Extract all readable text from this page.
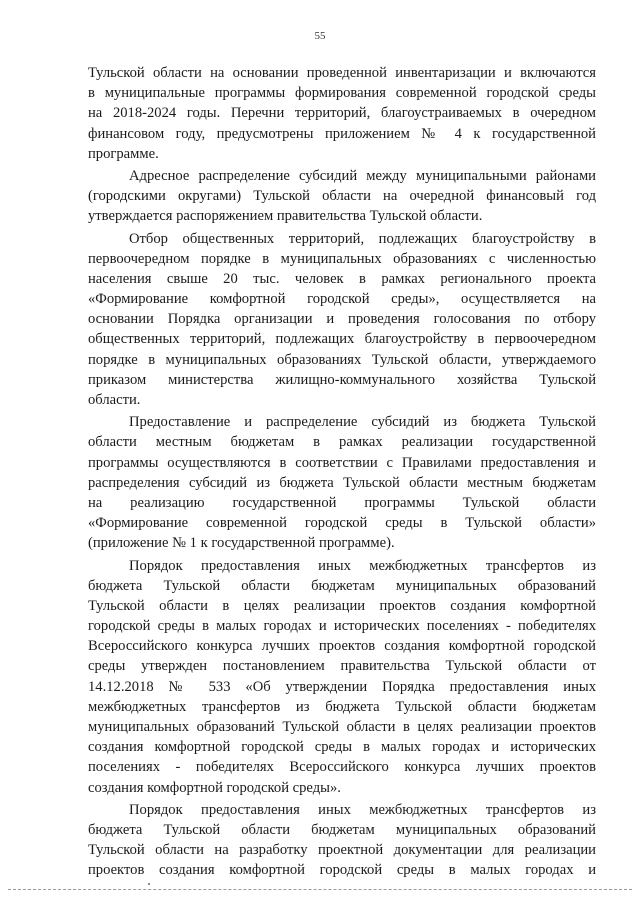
55
Тульской области на основании проведенной инвентаризации и включаются
в муниципальные программы формирования современной городской среды
на 2018-2024 годы. Перечни территорий, благоустраиваемых в очередном
финансовом году, предусмотрены приложением № 4 к государственной
программе.
Адресное распределение субсидий между муниципальными районами
(городскими округами) Тульской области на очередной финансовый год
утверждается распоряжением правительства Тульской области.
Отбор общественных территорий, подлежащих благоустройству в
первоочередном порядке в муниципальных образованиях с численностью
населения свыше 20 тыс. человек в рамках регионального проекта
«Формирование комфортной городской среды», осуществляется на
основании Порядка организации и проведения голосования по отбору
общественных территорий, подлежащих благоустройству в первоочередном
порядке в муниципальных образованиях Тульской области, утверждаемого
приказом министерства жилищно-коммунального хозяйства Тульской
области.
Предоставление и распределение субсидий из бюджета Тульской
области местным бюджетам в рамках реализации государственной
программы осуществляются в соответствии с Правилами предоставления и
распределения субсидий из бюджета Тульской области местным бюджетам
на реализацию государственной программы Тульской области
«Формирование современной городской среды в Тульской области»
(приложение № 1 к государственной программе).
Порядок предоставления иных межбюджетных трансфертов из
бюджета Тульской области бюджетам муниципальных образований
Тульской области в целях реализации проектов создания комфортной
городской среды в малых городах и исторических поселениях - победителях
Всероссийского конкурса лучших проектов создания комфортной городской
среды утвержден постановлением правительства Тульской области от
14.12.2018 № 533 «Об утверждении Порядка предоставления иных
межбюджетных трансфертов из бюджета Тульской области бюджетам
муниципальных образований Тульской области в целях реализации проектов
создания комфортной городской среды в малых городах и исторических
поселениях - победителях Всероссийского конкурса лучших проектов
создания комфортной городской среды».
Порядок предоставления иных межбюджетных трансфертов из
бюджета Тульской области бюджетам муниципальных образований
Тульской области на разработку проектной документации для реализации
проектов создания комфортной городской среды в малых городах и
